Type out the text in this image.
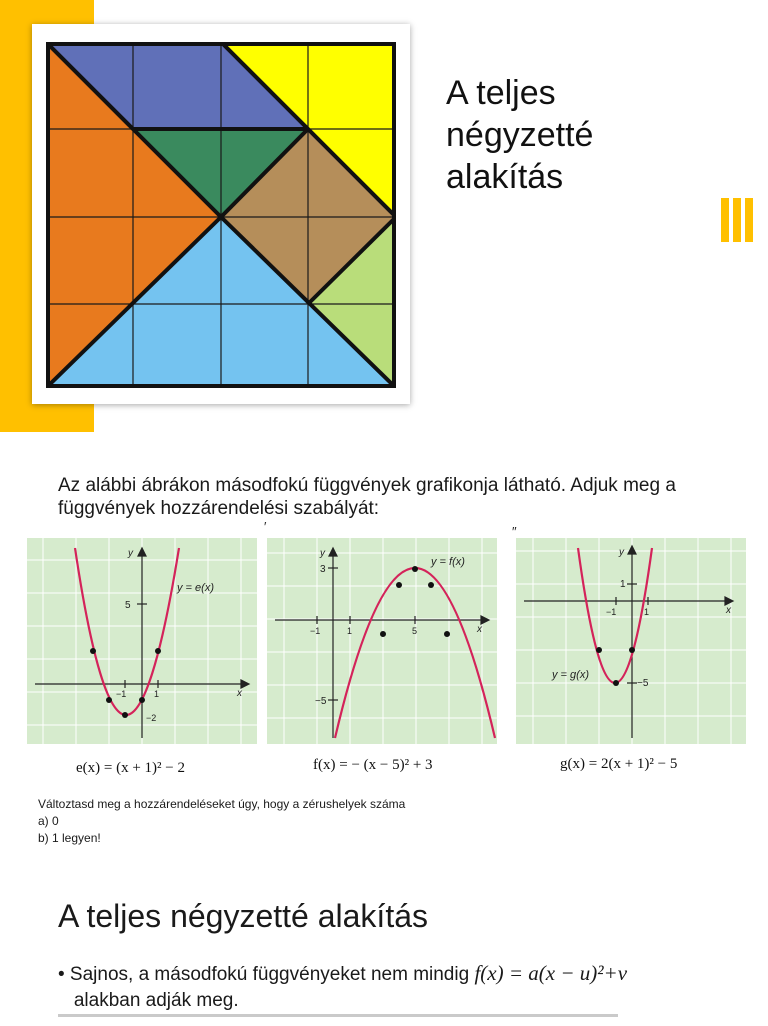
A teljes
négyzetté
alakítás
Az alábbi ábrákon másodfokú függvények grafikonja látható. Adjuk meg a függvények hozzárendelési szabályát:
′	″
y
x
5
−1	1
−2
y = e(x)
y
x
3
−5
−1	1	5
y = f(x)
y
x
1
−5
−1	1
y = g(x)
e(x) = (x + 1)² − 2	f(x) = − (x − 5)² + 3	g(x) = 2(x + 1)² − 5
Változtasd meg a hozzárendeléseket úgy, hogy a zérushelyek száma
a) 0
b) 1 legyen!
A teljes négyzetté alakítás
• Sajnos, a másodfokú függvényeket nem mindig f(x) = a(x − u)²+v
alakban adják meg.
